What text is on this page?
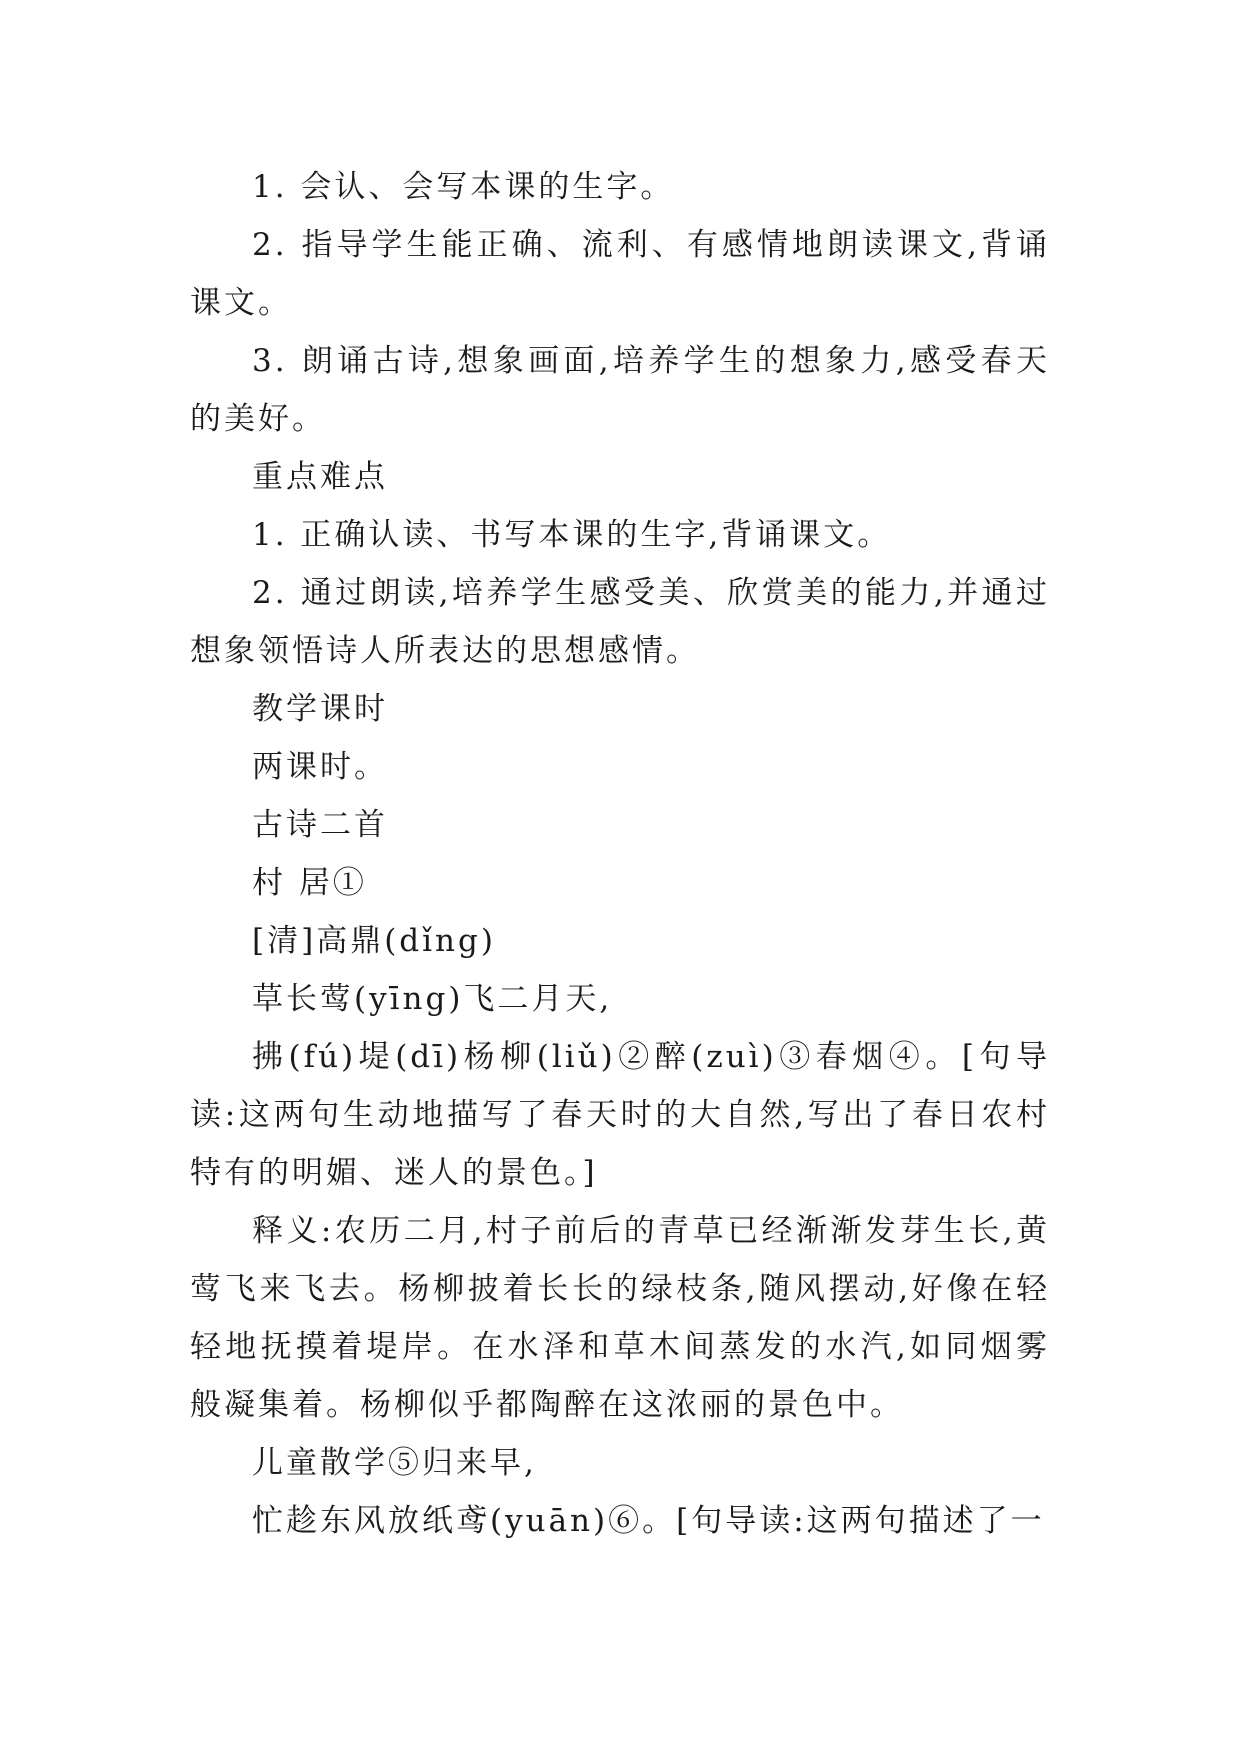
1. 会认、会写本课的生字。

2. 指导学生能正确、流利、有感情地朗读课文,背诵课文。

3. 朗诵古诗,想象画面,培养学生的想象力,感受春天的美好。

重点难点

1. 正确认读、书写本课的生字,背诵课文。

2. 通过朗读,培养学生感受美、欣赏美的能力,并通过想象领悟诗人所表达的思想感情。

教学课时

两课时。

古诗二首

村 居①

[清]高鼎(dǐng)

草长莺(yīng)飞二月天,

拂(fú)堤(dī)杨柳(liǔ)②醉(zuì)③春烟④。[句导读:这两句生动地描写了春天时的大自然,写出了春日农村特有的明媚、迷人的景色。]

释义:农历二月,村子前后的青草已经渐渐发芽生长,黄莺飞来飞去。杨柳披着长长的绿枝条,随风摆动,好像在轻轻地抚摸着堤岸。在水泽和草木间蒸发的水汽,如同烟雾般凝集着。杨柳似乎都陶醉在这浓丽的景色中。

儿童散学⑤归来早,

忙趁东风放纸鸢(yuān)⑥。[句导读:这两句描述了一
